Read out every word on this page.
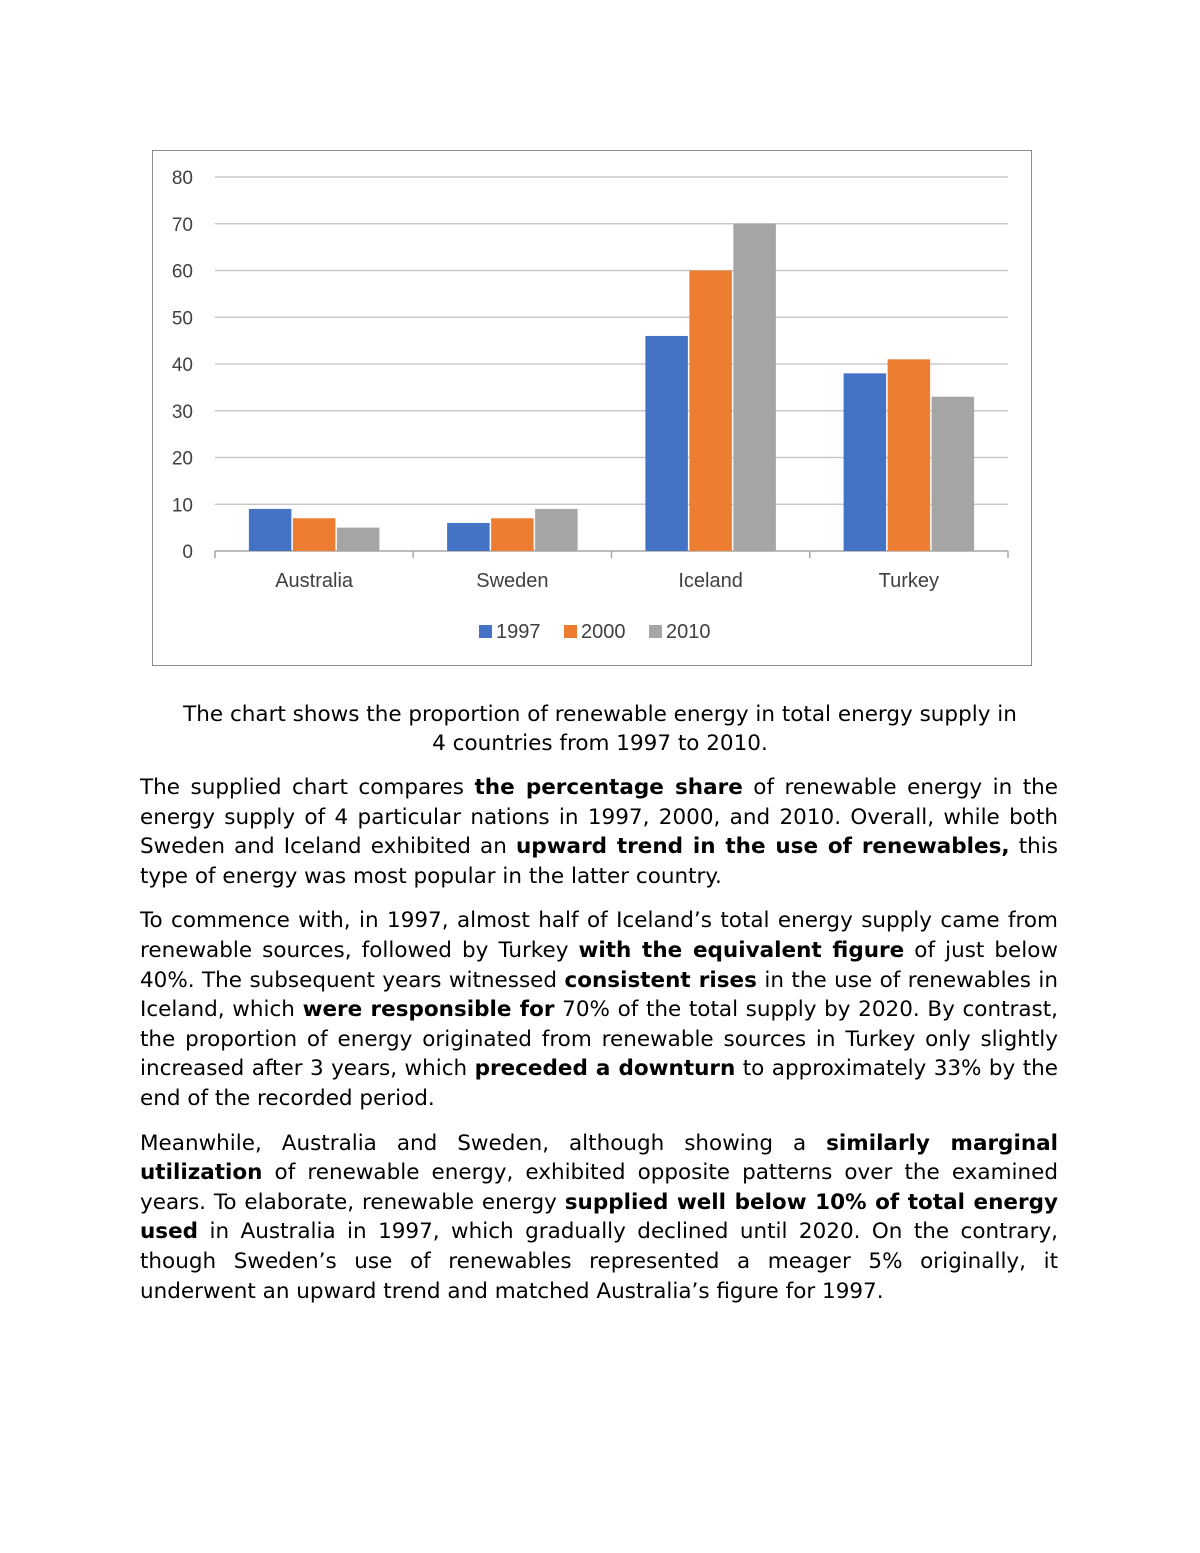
0
10
20
30
40
50
60
70
80
Australia	Sweden	Iceland	Turkey
1997 2000 2010
The chart shows the proportion of renewable energy in total energy supply in
4 countries from 1997 to 2010.

The supplied chart compares the percentage share of renewable energy in the energy supply of 4 particular nations in 1997, 2000, and 2010. Overall, while both Sweden and Iceland exhibited an upward trend in the use of renewables, this type of energy was most popular in the latter country.

To commence with, in 1997, almost half of Iceland’s total energy supply came from renewable sources, followed by Turkey with the equivalent figure of just below 40%. The subsequent years witnessed consistent rises in the use of renewables in Iceland, which were responsible for 70% of the total supply by 2020. By contrast, the proportion of energy originated from renewable sources in Turkey only slightly increased after 3 years, which preceded a downturn to approximately 33% by the end of the recorded period.

Meanwhile, Australia and Sweden, although showing a similarly marginal utilization of renewable energy, exhibited opposite patterns over the examined years. To elaborate, renewable energy supplied well below 10% of total energy used in Australia in 1997, which gradually declined until 2020. On the contrary, though Sweden’s use of renewables represented a meager 5% originally, it underwent an upward trend and matched Australia’s figure for 1997.
